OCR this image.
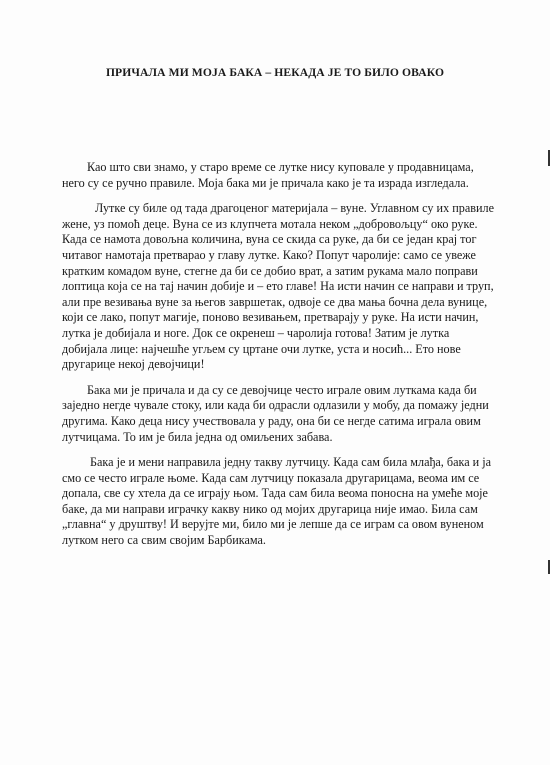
ПРИЧАЛА МИ МОЈА БАКА – НЕКАДА ЈЕ ТО БИЛО ОВАКО

Као што сви знамо, у старо време се лутке нису куповале у продавницама, него су се ручно правиле. Моја бака ми је причала како је та израда изгледала.

Лутке су биле од тада драгоценог материјала – вуне. Углавном су их правиле жене, уз помоћ деце. Вуна се из клупчета мотала неком „добровољцу“ око руке. Када се намота довољна количина, вуна се скида са руке, да би се један крај тог читавог намотаја претварао у главу лутке. Како? Попут чаролије: само се увеже кратким комадом вуне, стегне да би се добио врат, а затим рукама мало поправи лоптица која се на тај начин добије и – ето главе! На исти начин се направи и труп, али пре везивања вуне за његов завршетак, одвоје се два мања бочна дела вунице, који се лако, попут магије, поново везивањем, претварају у руке. На исти начин, лутка је добијала и ноге. Док се окренеш – чаролија готова! Затим је лутка добијала лице: најчешће угљем су цртане очи лутке, уста и носић... Ето нове другарице некој девојчици!

Бака ми је причала и да су се девојчице често играле овим луткама када би заједно негде чувале стоку, или када би одрасли одлазили у мобу, да помажу једни другима. Како деца нису учествовала у раду, она би се негде сатима играла овим лутчицама. То им је била једна од омиљених забава.

Бака је и мени направила једну такву лутчицу. Када сам била млађа, бака и ја смо се често играле њоме. Када сам лутчицу показала другарицама, веома им се допала, све су хтела да се играју њом. Тада сам била веома поносна на умеће моје баке, да ми направи играчку какву нико од мојих другарица није имао. Била сам „главна“ у друштву! И верујте ми, било ми је лепше да се играм са овом вуненом лутком него са свим својим Барбикама.
